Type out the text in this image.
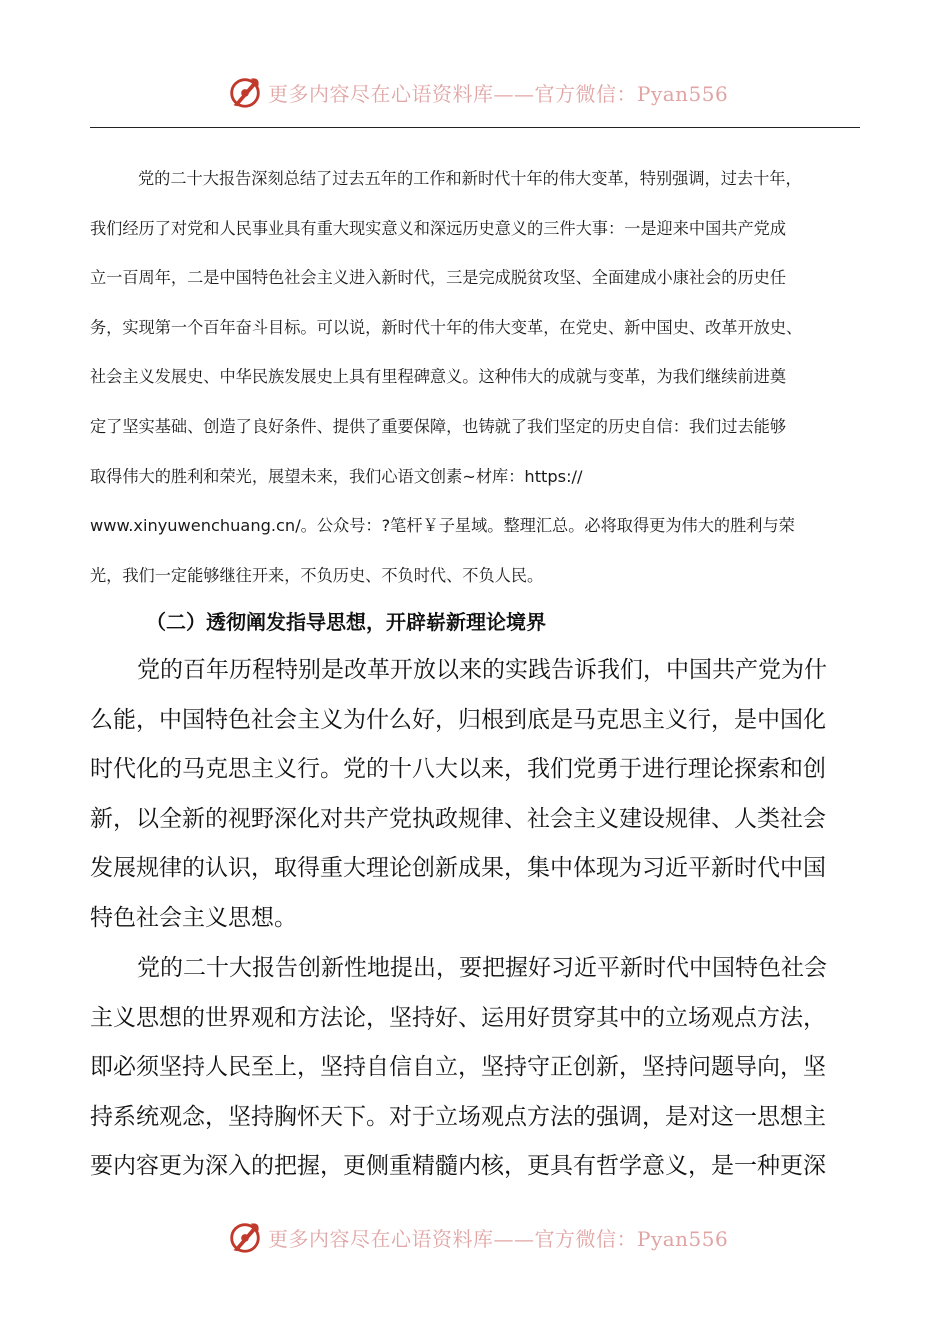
更多内容尽在心语资料库——官方微信：Pyan556
党的二十大报告深刻总结了过去五年的工作和新时代十年的伟大变革，特别强调，过去十年，
我们经历了对党和人民事业具有重大现实意义和深远历史意义的三件大事：一是迎来中国共产党成
立一百周年，二是中国特色社会主义进入新时代，三是完成脱贫攻坚、全面建成小康社会的历史任
务，实现第一个百年奋斗目标。可以说，新时代十年的伟大变革，在党史、新中国史、改革开放史、
社会主义发展史、中华民族发展史上具有里程碑意义。这种伟大的成就与变革，为我们继续前进奠
定了坚实基础、创造了良好条件、提供了重要保障，也铸就了我们坚定的历史自信：我们过去能够
取得伟大的胜利和荣光，展望未来，我们心语文创素~材库：https://
www.xinyuwenchuang.cn/。公众号：?笔杆￥子星域。整理汇总。必将取得更为伟大的胜利与荣
光，我们一定能够继往开来，不负历史、不负时代、不负人民。
（二）透彻阐发指导思想，开辟崭新理论境界
党的百年历程特别是改革开放以来的实践告诉我们，中国共产党为什
么能，中国特色社会主义为什么好，归根到底是马克思主义行，是中国化
时代化的马克思主义行。党的十八大以来，我们党勇于进行理论探索和创
新，以全新的视野深化对共产党执政规律、社会主义建设规律、人类社会
发展规律的认识，取得重大理论创新成果，集中体现为习近平新时代中国
特色社会主义思想。
党的二十大报告创新性地提出，要把握好习近平新时代中国特色社会
主义思想的世界观和方法论，坚持好、运用好贯穿其中的立场观点方法，
即必须坚持人民至上，坚持自信自立，坚持守正创新，坚持问题导向，坚
持系统观念，坚持胸怀天下。对于立场观点方法的强调，是对这一思想主
要内容更为深入的把握，更侧重精髓内核，更具有哲学意义，是一种更深
更多内容尽在心语资料库——官方微信：Pyan556
